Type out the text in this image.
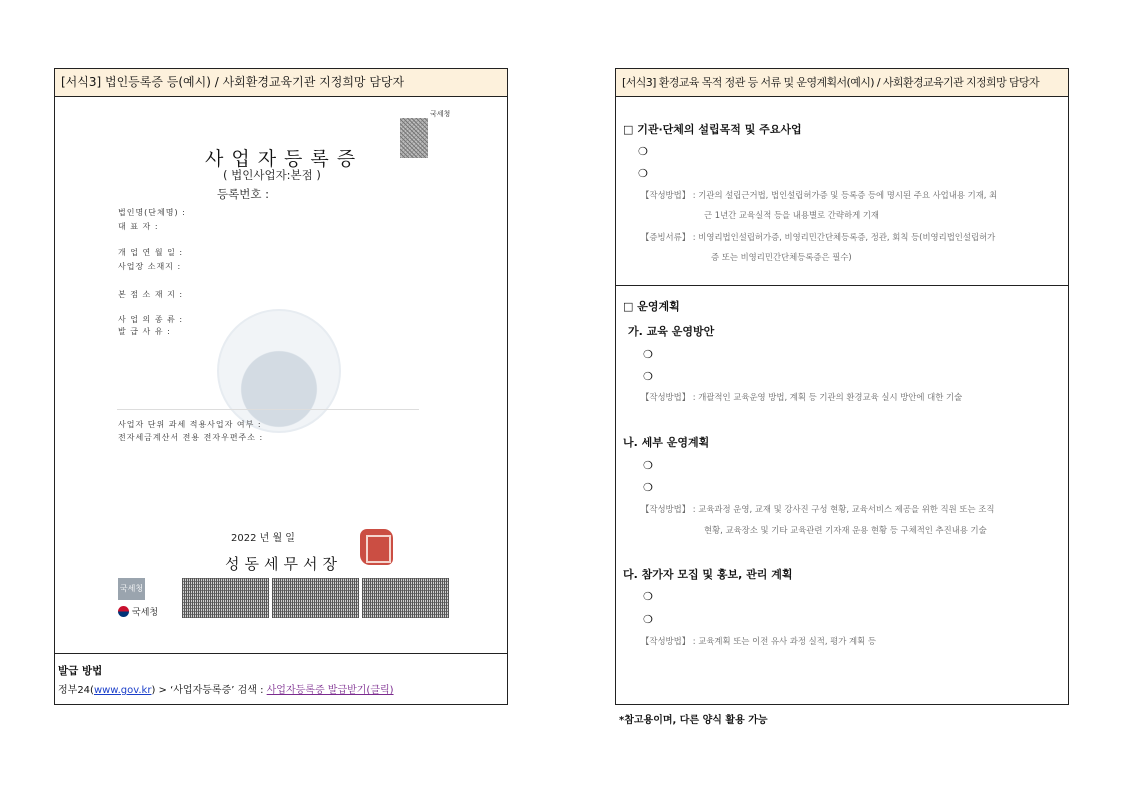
[서식3] 법인등록증 등(예시) / 사회환경교육기관 지정희망 담당자
국세청
사업자등록증
( 법인사업자:본점 )
등록번호 :
법인명(단체명) :
대 표 자 :
개 업 연 월 일 :
사업장 소재지 :
본 점 소 재 지 :
사 업 의 종 류 :
발 급 사 유 :
사업자 단위 과세 적용사업자 여부 :
전자세금계산서 전용 전자우편주소 :
2022 년 월 일
성동세무서장
국세청
국세청
발급 방법
정부24(www.gov.kr) > ‘사업자등록증’ 검색 : 사업자등록증 발급받기(클릭)
[서식3] 환경교육 목적 정관 등 서류 및 운영계획서(예시) / 사회환경교육기관 지정희망 담당자
□ 기관·단체의 설립목적 및 주요사업
❍
❍
【작성방법】 : 기관의 설립근거법, 법인설립허가증 및 등록증 등에 명시된 주요 사업내용 기재, 최
근 1년간 교육실적 등을 내용별로 간략하게 기재
【증빙서류】 : 비영리법인설립허가증, 비영리민간단체등록증, 정관, 회칙 등(비영리법인설립허가
증 또는 비영리민간단체등록증은 필수)
□ 운영계획
가. 교육 운영방안
❍
❍
【작성방법】 : 개괄적인 교육운영 방법, 계획 등 기관의 환경교육 실시 방안에 대한 기술
나. 세부 운영계획
❍
❍
【작성방법】 : 교육과정 운영, 교재 및 강사진 구성 현황, 교육서비스 제공을 위한 직원 또는 조직
현황, 교육장소 및 기타 교육관련 기자재 운용 현황 등 구체적인 추진내용 기술
다. 참가자 모집 및 홍보, 관리 계획
❍
❍
【작성방법】 : 교육계획 또는 이전 유사 과정 실적, 평가 계획 등
*참고용이며, 다른 양식 활용 가능
